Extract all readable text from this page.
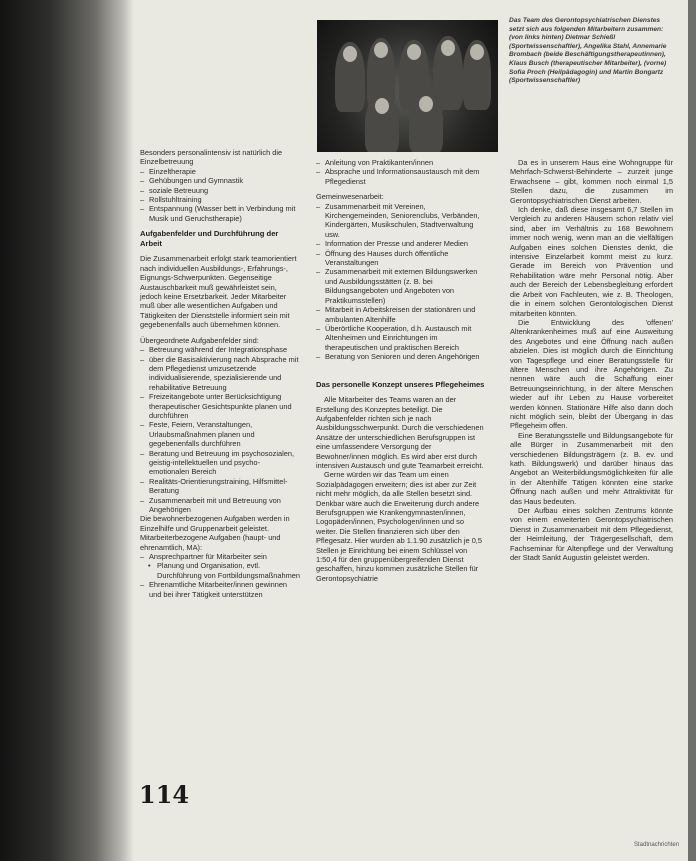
Das Team des Gerontopsychiatrischen Dienstes setzt sich aus folgenden Mitarbeitern zusammen: (von links hinten) Dietmar Schießl (Sportwissenschaftler), Angelika Stahl, Annemarie Brombach (beide Beschäftigungstherapeutinnen), Klaus Busch (therapeutischer Mitarbeiter), (vorne) Sofia Proch (Heilpädagogin) und Martin Bongartz (Sportwissenschaftler)

Besonders personalintensiv ist natürlich die Einzelbetreuung

– Einzeltherapie
– Gehübungen und Gymnastik
– soziale Betreuung
– Rollstuhltraining
– Entspannung (Wasser bett in Verbindung mit Musik und Geruchstherapie)
Aufgabenfelder und Durchführung der Arbeit

Die Zusammenarbeit erfolgt stark teamorientiert nach individuellen Ausbildungs-, Erfahrungs-, Eignungs-Schwerpunkten. Gegenseitige Austauschbarkeit muß gewährleistet sein, jedoch keine Ersetzbarkeit. Jeder Mitarbeiter muß über alle wesentlichen Aufgaben und Tätigkeiten der Dienststelle informiert sein mit gegebenenfalls auch übernehmen können.

Übergeordnete Aufgabenfelder sind:

– Betreuung während der Integrationsphase
– über die Basisaktivierung nach Absprache mit dem Pflegedienst umzusetzende individualisierende, spezialisierende und rehabilitative Betreuung
– Freizeitangebote unter Berücksichtigung therapeutischer Gesichtspunkte planen und durchführen
– Feste, Feiern, Veranstaltungen, Urlaubsmaßnahmen planen und gegebenenfalls durchführen
– Beratung und Betreuung im psychosozialen, geistig-intellektuellen und psycho-emotionalen Bereich
– Realitäts-Orientierungstraining, Hilfsmittel-Beratung
– Zusammenarbeit mit und Betreuung von Angehörigen

Die bewohnerbezogenen Aufgaben werden in Einzelhilfe und Gruppenarbeit geleistet.

Mitarbeiterbezogene Aufgaben (haupt- und ehrenamtlich, MA):

– Ansprechpartner für Mitarbeiter sein
• Planung und Organisation, evtl. Durchführung von Fortbildungsmaßnahmen
– Ehrenamtliche Mitarbeiter/innen gewinnen und bei ihrer Tätigkeit unterstützen
– Anleitung von Praktikanten/innen
– Absprache und Informationsaustausch mit dem Pflegedienst

Gemeinwesenarbeit:

– Zusammenarbeit mit Vereinen, Kirchengemeinden, Seniorenclubs, Verbänden, Kindergärten, Musikschulen, Stadtverwaltung usw.
– Information der Presse und anderer Medien
– Öffnung des Hauses durch öffentliche Veranstaltungen
– Zusammenarbeit mit externen Bildungswerken und Ausbildungsstätten (z. B. bei Bildungsangeboten und Angeboten von Praktikumsstellen)
– Mitarbeit in Arbeitskreisen der stationären und ambulanten Altenhilfe
– Überörtliche Kooperation, d.h. Austausch mit Altenheimen und Einrichtungen im therapeutischen und praktischen Bereich
– Beratung von Senioren und deren Angehörigen
Das personelle Konzept unseres Pflegeheimes

Alle Mitarbeiter des Teams waren an der Erstellung des Konzeptes beteiligt. Die Aufgabenfelder richten sich je nach Ausbildungsschwerpunkt. Durch die verschiedenen Ansätze der unterschiedlichen Berufsgruppen ist eine umfassendere Versorgung der Bewohner/innen möglich. Es wird aber erst durch intensiven Austausch und gute Teamarbeit erreicht.

Gerne würden wir das Team um einen Sozialpädagogen erweitern; dies ist aber zur Zeit nicht mehr möglich, da alle Stellen besetzt sind. Denkbar wäre auch die Erweiterung durch andere Berufsgruppen wie Krankengymnasten/innen, Logopäden/innen, Psychologen/innen und so weiter. Die Stellen finanzieren sich über den Pflegesatz. Hier wurden ab 1.1.90 zusätzlich je 0,5 Stellen je Einrichtung bei einem Schlüssel von 1:50,4 für den gruppenübergreifenden Dienst geschaffen, hinzu kommen zusätzliche Stellen für Gerontopsychiatrie

Da es in unserem Haus eine Wohngruppe für Mehrfach-Schwerst-Behinderte – zurzeit junge Erwachsene – gibt, kommen noch einmal 1,5 Stellen dazu, die zusammen im Gerontopsychiatrischen Dienst arbeiten.

Ich denke, daß diese insgesamt 6,7 Stellen im Vergleich zu anderen Häusern schon relativ viel sind, aber im Verhältnis zu 168 Bewohnern immer noch wenig, wenn man an die vielfältigen Aufgaben eines solchen Dienstes denkt, die intensive Einzelarbeit kommt meist zu kurz. Gerade im Bereich von Prävention und Rehabilitation wäre mehr Personal nötig. Aber auch der Bereich der Lebensbegleitung erfordert die Arbeit von Fachleuten, wie z. B. Theologen, die in einem solchen Gerontologischen Dienst mitarbeiten könnten.

Die Entwicklung des 'offenen' Altenkrankenheimes muß auf eine Ausweitung des Angebotes und eine Öffnung nach außen abzielen. Dies ist möglich durch die Einrichtung von Tagespflege und einer Beratungsstelle für ältere Menschen und ihre Angehörigen. Zu nennen wäre auch die Schaffung einer Betreuungseinrichtung, in der ältere Menschen wieder auf ihr Leben zu Hause vorbereitet werden können. Stationäre Hilfe also dann doch nicht möglich sein, bleibt der Übergang in das Pflegeheim offen.

Eine Beratungsstelle und Bildungsangebote für alle Bürger in Zusammenarbeit mit den verschiedenen Bildungsträgern (z. B. ev. und kath. Bildungswerk) und darüber hinaus das Angebot an Weiterbildungsmöglichkeiten für alle in der Altenhilfe Tätigen könnten eine starke Öffnung nach außen und mehr Attraktivität für das Haus bedeuten.

Der Aufbau eines solchen Zentrums könnte von einem erweiterten Gerontopsychiatrischen Dienst in Zusammenarbeit mit dem Pflegedienst, der Heimleitung, der Trägergesellschaft, dem Fachseminar für Altenpflege und der Verwaltung der Stadt Sankt Augustin geleistet werden.

114
Stadtnachrichten
